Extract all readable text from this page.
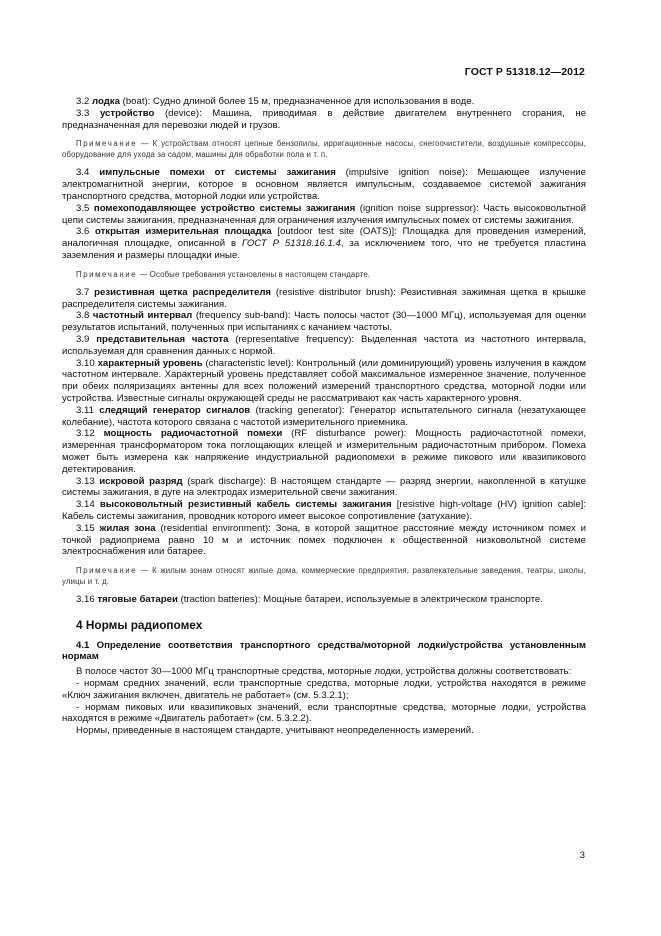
ГОСТ Р 51318.12—2012

3.2 лодка (boat): Судно длиной более 15 м, предназначенное для использования в воде.

3.3 устройство (device): Машина, приводимая в действие двигателем внутреннего сгорания, не предназначенная для перевозки людей и грузов.

Примечание — К устройствам относят цепные бензопилы, ирригационные насосы, снегоочистители, воздушные компрессоры, оборудование для ухода за садом, машины для обработки пола и т. п.

3.4 импульсные помехи от системы зажигания (impulsive ignition noise): Мешающее излучение электромагнитной энергии, которое в основном является импульсным, создаваемое системой зажигания транспортного средства, моторной лодки или устройства.

3.5 помехоподавляющее устройство системы зажигания (ignition noise suppressor): Часть высоковольтной цепи системы зажигания, предназначенная для ограничения излучения импульсных помех от системы зажигания.

3.6 открытая измерительная площадка [outdoor test site (OATS)]: Площадка для проведения измерений, аналогичная площадке, описанной в ГОСТ Р 51318.16.1.4, за исключением того, что не требуется пластина заземления и размеры площадки иные.

Примечание — Особые требования установлены в настоящем стандарте.

3.7 резистивная щетка распределителя (resistive distributor brush): Резистивная зажимная щетка в крышке распределителя системы зажигания.

3.8 частотный интервал (frequency sub-band): Часть полосы частот (30—1000 МГц), используемая для оценки результатов испытаний, полученных при испытаниях с качанием частоты.

3.9 представительная частота (representative frequency): Выделенная частота из частотного интервала, используемая для сравнения данных с нормой.

3.10 характерный уровень (characteristic level): Контрольный (или доминирующий) уровень излучения в каждом частотном интервале. Характерный уровень представляет собой максимальное измеренное значение, полученное при обеих поляризациях антенны для всех положений измерений транспортного средства, моторной лодки или устройства. Известные сигналы окружающей среды не рассматривают как часть характерного уровня.

3.11 следящий генератор сигналов (tracking generator): Генератор испытательного сигнала (незатухающее колебание), частота которого связана с частотой измерительного приемника.

3.12 мощность радиочастотной помехи (RF disturbance power): Мощность радиочастотной помехи, измеренная трансформатором тока поглощающих клещей и измерительным радиочастотным прибором. Помеха может быть измерена как напряжение индустриальной радиопомехи в режиме пикового или квазипикового детектирования.

3.13 искровой разряд (spark discharge): В настоящем стандарте — разряд энергии, накопленной в катушке системы зажигания, в дуге на электродах измерительной свечи зажигания.

3.14 высоковольтный резистивный кабель системы зажигания [resistive high-voltage (HV) ignition cable]: Кабель системы зажигания, проводник которого имеет высокое сопротивление (затухание).

3.15 жилая зона (residential environment): Зона, в которой защитное расстояние между источником помех и точкой радиоприема равно 10 м и источник помех подключен к общественной низковольтной системе электроснабжения или батарее.

Примечание — К жилым зонам относят жилые дома, коммерческие предприятия, развлекательные заведения, театры, школы, улицы и т. д.

3.16 тяговые батареи (traction batteries): Мощные батареи, используемые в электрическом транспорте.

4 Нормы радиопомех

4.1 Определение соответствия транспортного средства/моторной лодки/устройства установленным нормам

В полосе частот 30—1000 МГц транспортные средства, моторные лодки, устройства должны соответствовать:

- нормам средних значений, если транспортные средства, моторные лодки, устройства находятся в режиме «Ключ зажигания включен, двигатель не работает» (см. 5.3.2.1);

- нормам пиковых или квазипиковых значений, если транспортные средства, моторные лодки, устройства находятся в режиме «Двигатель работает» (см. 5.3.2.2).

Нормы, приведенные в настоящем стандарте, учитывают неопределенность измерений.

3
